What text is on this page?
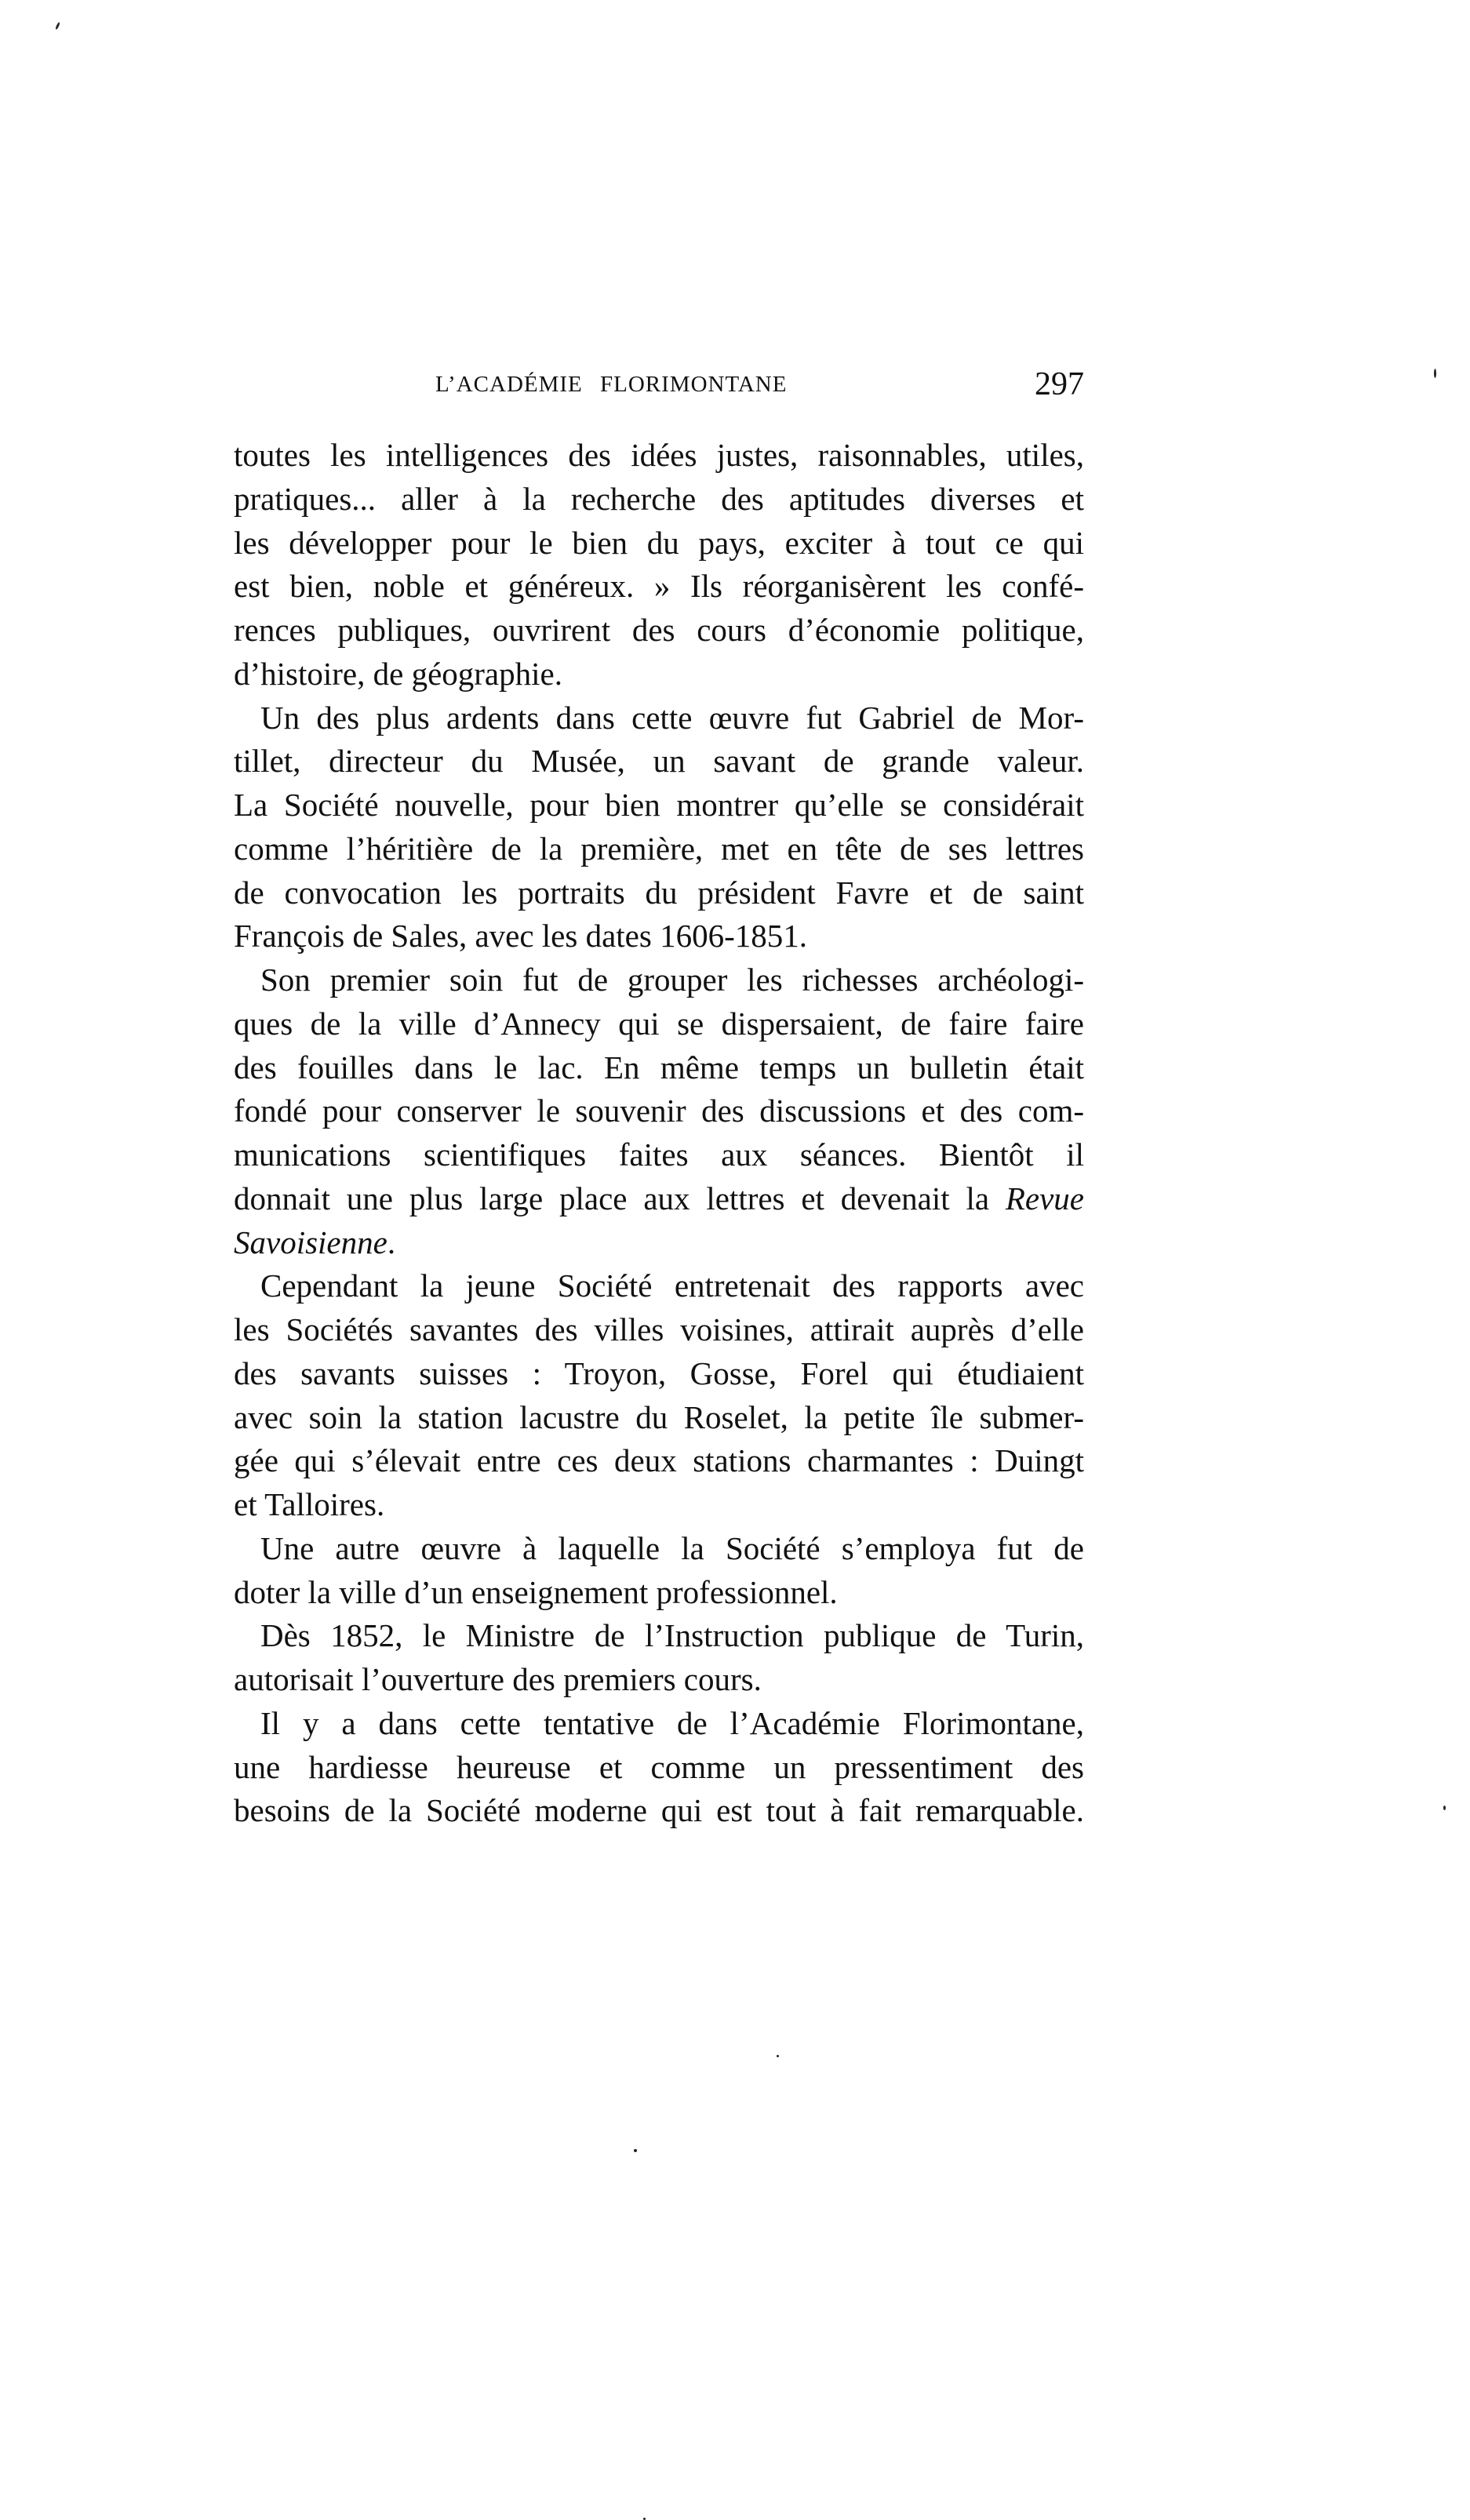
L’ACADÉMIE FLORIMONTANE	297

toutes les intelligences des idées justes, raisonnables, utiles,
pratiques... aller à la recherche des aptitudes diverses et
les développer pour le bien du pays, exciter à tout ce qui
est bien, noble et généreux. » Ils réorganisèrent les confé-
rences publiques, ouvrirent des cours d’économie politique,
d’histoire, de géographie.

Un des plus ardents dans cette œuvre fut Gabriel de Mor-
tillet, directeur du Musée, un savant de grande valeur.
La Société nouvelle, pour bien montrer qu’elle se considérait
comme l’héritière de la première, met en tête de ses lettres
de convocation les portraits du président Favre et de saint
François de Sales, avec les dates 1606-1851.

Son premier soin fut de grouper les richesses archéologi-
ques de la ville d’Annecy qui se dispersaient, de faire faire
des fouilles dans le lac. En même temps un bulletin était
fondé pour conserver le souvenir des discussions et des com-
munications scientifiques faites aux séances. Bientôt il
donnait une plus large place aux lettres et devenait la Revue
Savoisienne.

Cependant la jeune Société entretenait des rapports avec
les Sociétés savantes des villes voisines, attirait auprès d’elle
des savants suisses : Troyon, Gosse, Forel qui étudiaient
avec soin la station lacustre du Roselet, la petite île submer-
gée qui s’élevait entre ces deux stations charmantes : Duingt
et Talloires.

Une autre œuvre à laquelle la Société s’employa fut de
doter la ville d’un enseignement professionnel.

Dès 1852, le Ministre de l’Instruction publique de Turin,
autorisait l’ouverture des premiers cours.

Il y a dans cette tentative de l’Académie Florimontane,
une hardiesse heureuse et comme un pressentiment des
besoins de la Société moderne qui est tout à fait remarquable.
